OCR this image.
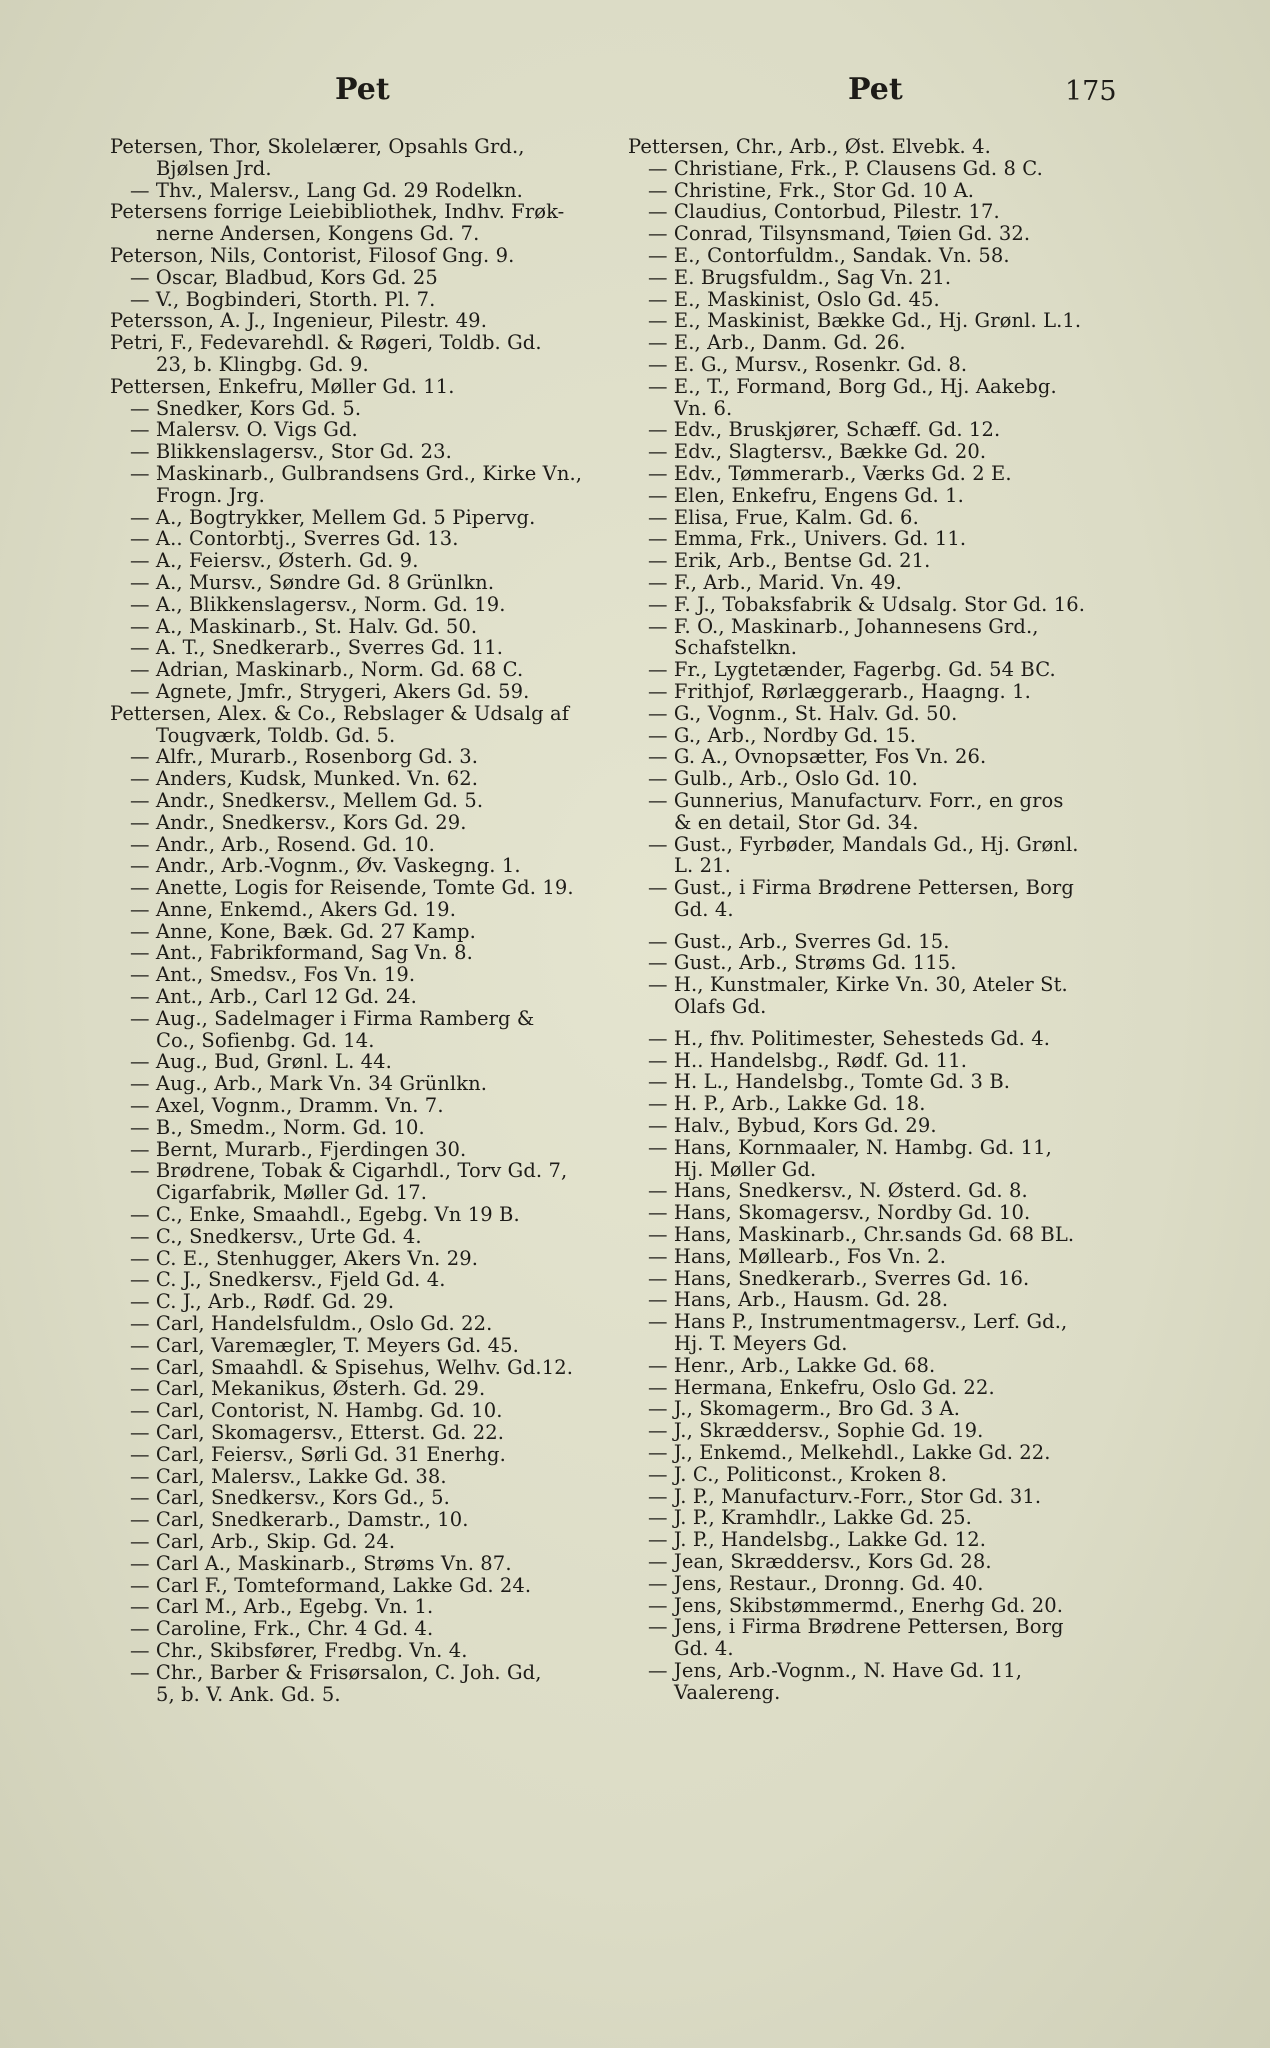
Pet	Pet	175
Petersen, Thor, Skolelærer, Opsahls Grd.,
Bjølsen Jrd.
— Thv., Malersv., Lang Gd. 29 Rodelkn.
Petersens forrige Leiebibliothek, Indhv. Frøk-
nerne Andersen, Kongens Gd. 7.
Peterson, Nils, Contorist, Filosof Gng. 9.
— Oscar, Bladbud, Kors Gd. 25
— V., Bogbinderi, Storth. Pl. 7.
Petersson, A. J., Ingenieur, Pilestr. 49.
Petri, F., Fedevarehdl. & Røgeri, Toldb. Gd.
23, b. Klingbg. Gd. 9.
Pettersen, Enkefru, Møller Gd. 11.
— Snedker, Kors Gd. 5.
— Malersv. O. Vigs Gd.
— Blikkenslagersv., Stor Gd. 23.
— Maskinarb., Gulbrandsens Grd., Kirke Vn.,
Frogn. Jrg.
— A., Bogtrykker, Mellem Gd. 5 Pipervg.
— A.. Contorbtj., Sverres Gd. 13.
— A., Feiersv., Østerh. Gd. 9.
— A., Mursv., Søndre Gd. 8 Grünlkn.
— A., Blikkenslagersv., Norm. Gd. 19.
— A., Maskinarb., St. Halv. Gd. 50.
— A. T., Snedkerarb., Sverres Gd. 11.
— Adrian, Maskinarb., Norm. Gd. 68 C.
— Agnete, Jmfr., Strygeri, Akers Gd. 59.
Pettersen, Alex. & Co., Rebslager & Udsalg af
Tougværk, Toldb. Gd. 5.
— Alfr., Murarb., Rosenborg Gd. 3.
— Anders, Kudsk, Munked. Vn. 62.
— Andr., Snedkersv., Mellem Gd. 5.
— Andr., Snedkersv., Kors Gd. 29.
— Andr., Arb., Rosend. Gd. 10.
— Andr., Arb.-Vognm., Øv. Vaskegng. 1.
— Anette, Logis for Reisende, Tomte Gd. 19.
— Anne, Enkemd., Akers Gd. 19.
— Anne, Kone, Bæk. Gd. 27 Kamp.
— Ant., Fabrikformand, Sag Vn. 8.
— Ant., Smedsv., Fos Vn. 19.
— Ant., Arb., Carl 12 Gd. 24.
— Aug., Sadelmager i Firma Ramberg &
Co., Sofienbg. Gd. 14.
— Aug., Bud, Grønl. L. 44.
— Aug., Arb., Mark Vn. 34 Grünlkn.
— Axel, Vognm., Dramm. Vn. 7.
— B., Smedm., Norm. Gd. 10.
— Bernt, Murarb., Fjerdingen 30.
— Brødrene, Tobak & Cigarhdl., Torv Gd. 7,
Cigarfabrik, Møller Gd. 17.
— C., Enke, Smaahdl., Egebg. Vn 19 B.
— C., Snedkersv., Urte Gd. 4.
— C. E., Stenhugger, Akers Vn. 29.
— C. J., Snedkersv., Fjeld Gd. 4.
— C. J., Arb., Rødf. Gd. 29.
— Carl, Handelsfuldm., Oslo Gd. 22.
— Carl, Varemægler, T. Meyers Gd. 45.
— Carl, Smaahdl. & Spisehus, Welhv. Gd.12.
— Carl, Mekanikus, Østerh. Gd. 29.
— Carl, Contorist, N. Hambg. Gd. 10.
— Carl, Skomagersv., Etterst. Gd. 22.
— Carl, Feiersv., Sørli Gd. 31 Enerhg.
— Carl, Malersv., Lakke Gd. 38.
— Carl, Snedkersv., Kors Gd., 5.
— Carl, Snedkerarb., Damstr., 10.
— Carl, Arb., Skip. Gd. 24.
— Carl A., Maskinarb., Strøms Vn. 87.
— Carl F., Tomteformand, Lakke Gd. 24.
— Carl M., Arb., Egebg. Vn. 1.
— Caroline, Frk., Chr. 4 Gd. 4.
— Chr., Skibsfører, Fredbg. Vn. 4.
— Chr., Barber & Frisørsalon, C. Joh. Gd,
5, b. V. Ank. Gd. 5.
Pettersen, Chr., Arb., Øst. Elvebk. 4.
— Christiane, Frk., P. Clausens Gd. 8 C.
— Christine, Frk., Stor Gd. 10 A.
— Claudius, Contorbud, Pilestr. 17.
— Conrad, Tilsynsmand, Tøien Gd. 32.
— E., Contorfuldm., Sandak. Vn. 58.
— E. Brugsfuldm., Sag Vn. 21.
— E., Maskinist, Oslo Gd. 45.
— E., Maskinist, Bække Gd., Hj. Grønl. L.1.
— E., Arb., Danm. Gd. 26.
— E. G., Mursv., Rosenkr. Gd. 8.
— E., T., Formand, Borg Gd., Hj. Aakebg.
Vn. 6.
— Edv., Bruskjører, Schæff. Gd. 12.
— Edv., Slagtersv., Bække Gd. 20.
— Edv., Tømmerarb., Værks Gd. 2 E.
— Elen, Enkefru, Engens Gd. 1.
— Elisa, Frue, Kalm. Gd. 6.
— Emma, Frk., Univers. Gd. 11.
— Erik, Arb., Bentse Gd. 21.
— F., Arb., Marid. Vn. 49.
— F. J., Tobaksfabrik & Udsalg. Stor Gd. 16.
— F. O., Maskinarb., Johannesens Grd.,
Schafstelkn.
— Fr., Lygtetænder, Fagerbg. Gd. 54 BC.
— Frithjof, Rørlæggerarb., Haagng. 1.
— G., Vognm., St. Halv. Gd. 50.
— G., Arb., Nordby Gd. 15.
— G. A., Ovnopsætter, Fos Vn. 26.
— Gulb., Arb., Oslo Gd. 10.
— Gunnerius, Manufacturv. Forr., en gros
& en detail, Stor Gd. 34.
— Gust., Fyrbøder, Mandals Gd., Hj. Grønl.
L. 21.
— Gust., i Firma Brødrene Pettersen, Borg
Gd. 4.
— Gust., Arb., Sverres Gd. 15.
— Gust., Arb., Strøms Gd. 115.
— H., Kunstmaler, Kirke Vn. 30, Ateler St.
Olafs Gd.
— H., fhv. Politimester, Sehesteds Gd. 4.
— H.. Handelsbg., Rødf. Gd. 11.
— H. L., Handelsbg., Tomte Gd. 3 B.
— H. P., Arb., Lakke Gd. 18.
— Halv., Bybud, Kors Gd. 29.
— Hans, Kornmaaler, N. Hambg. Gd. 11,
Hj. Møller Gd.
— Hans, Snedkersv., N. Østerd. Gd. 8.
— Hans, Skomagersv., Nordby Gd. 10.
— Hans, Maskinarb., Chr.sands Gd. 68 BL.
— Hans, Møllearb., Fos Vn. 2.
— Hans, Snedkerarb., Sverres Gd. 16.
— Hans, Arb., Hausm. Gd. 28.
— Hans P., Instrumentmagersv., Lerf. Gd.,
Hj. T. Meyers Gd.
— Henr., Arb., Lakke Gd. 68.
— Hermana, Enkefru, Oslo Gd. 22.
— J., Skomagerm., Bro Gd. 3 A.
— J., Skræddersv., Sophie Gd. 19.
— J., Enkemd., Melkehdl., Lakke Gd. 22.
— J. C., Politiconst., Kroken 8.
— J. P., Manufacturv.-Forr., Stor Gd. 31.
— J. P., Kramhdlr., Lakke Gd. 25.
— J. P., Handelsbg., Lakke Gd. 12.
— Jean, Skræddersv., Kors Gd. 28.
— Jens, Restaur., Dronng. Gd. 40.
— Jens, Skibstømmermd., Enerhg Gd. 20.
— Jens, i Firma Brødrene Pettersen, Borg
Gd. 4.
— Jens, Arb.-Vognm., N. Have Gd. 11,
Vaalereng.
